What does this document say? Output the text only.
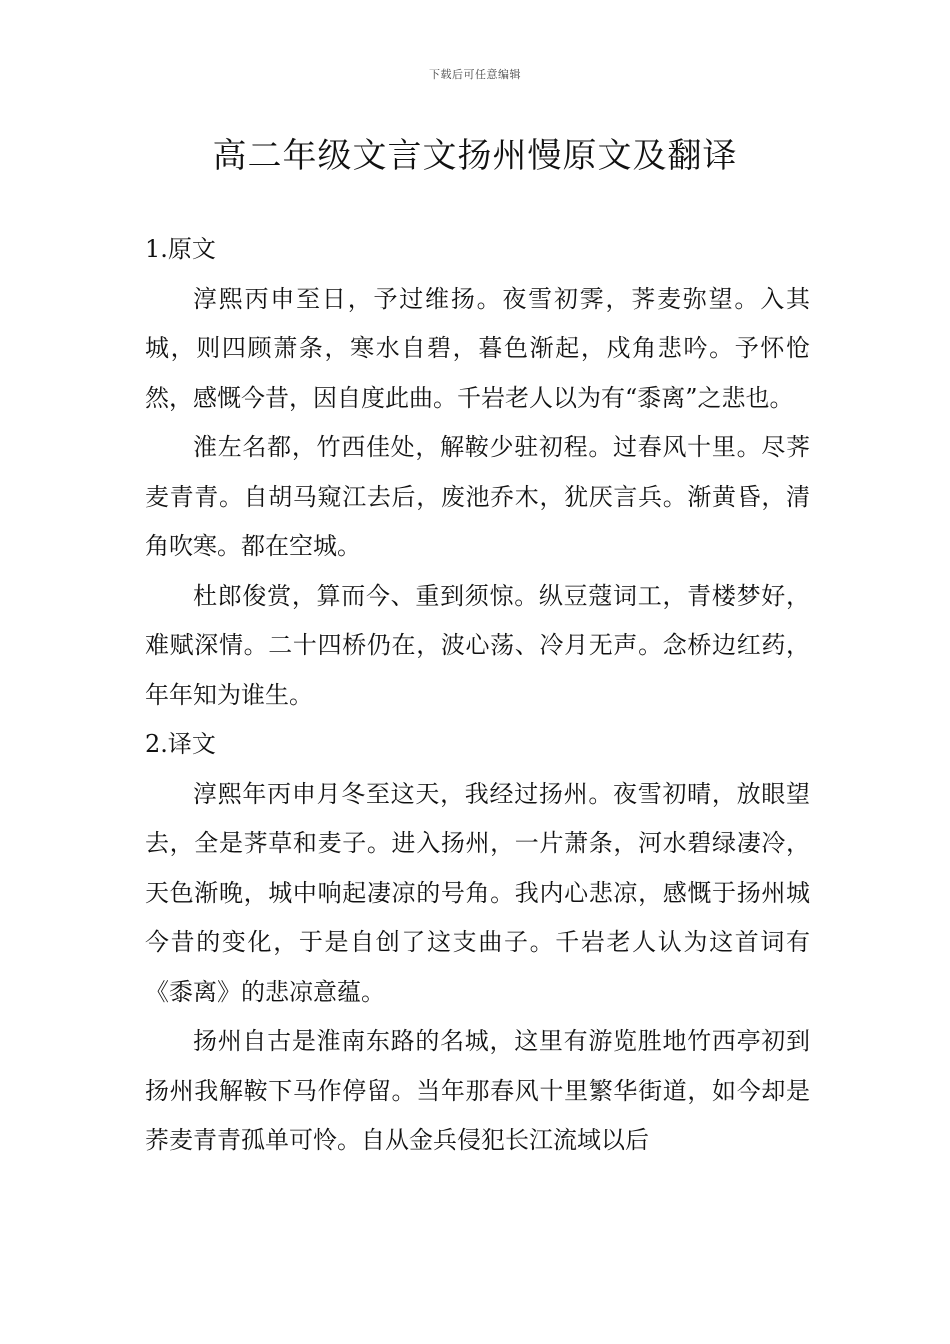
下载后可任意编辑
高二年级文言文扬州慢原文及翻译
1.原文

淳熙丙申至日，予过维扬。夜雪初霁，荠麦弥望。入其城，则四顾萧条，寒水自碧，暮色渐起，戍角悲吟。予怀怆然，感慨今昔，因自度此曲。千岩老人以为有“黍离”之悲也。

淮左名都，竹西佳处，解鞍少驻初程。过春风十里。尽荠麦青青。自胡马窥江去后，废池乔木，犹厌言兵。渐黄昏，清角吹寒。都在空城。

杜郎俊赏，算而今、重到须惊。纵豆蔻词工，青楼梦好，难赋深情。二十四桥仍在，波心荡、冷月无声。念桥边红药，年年知为谁生。

2.译文

淳熙年丙申月冬至这天，我经过扬州。夜雪初晴，放眼望去，全是荠草和麦子。进入扬州，一片萧条，河水碧绿凄冷，天色渐晚，城中响起凄凉的号角。我内心悲凉，感慨于扬州城今昔的变化，于是自创了这支曲子。千岩老人认为这首词有《黍离》的悲凉意蕴。

扬州自古是淮南东路的名城，这里有游览胜地竹西亭初到扬州我解鞍下马作停留。当年那春风十里繁华街道，如今却是荞麦青青孤单可怜。自从金兵侵犯长江流域以后
